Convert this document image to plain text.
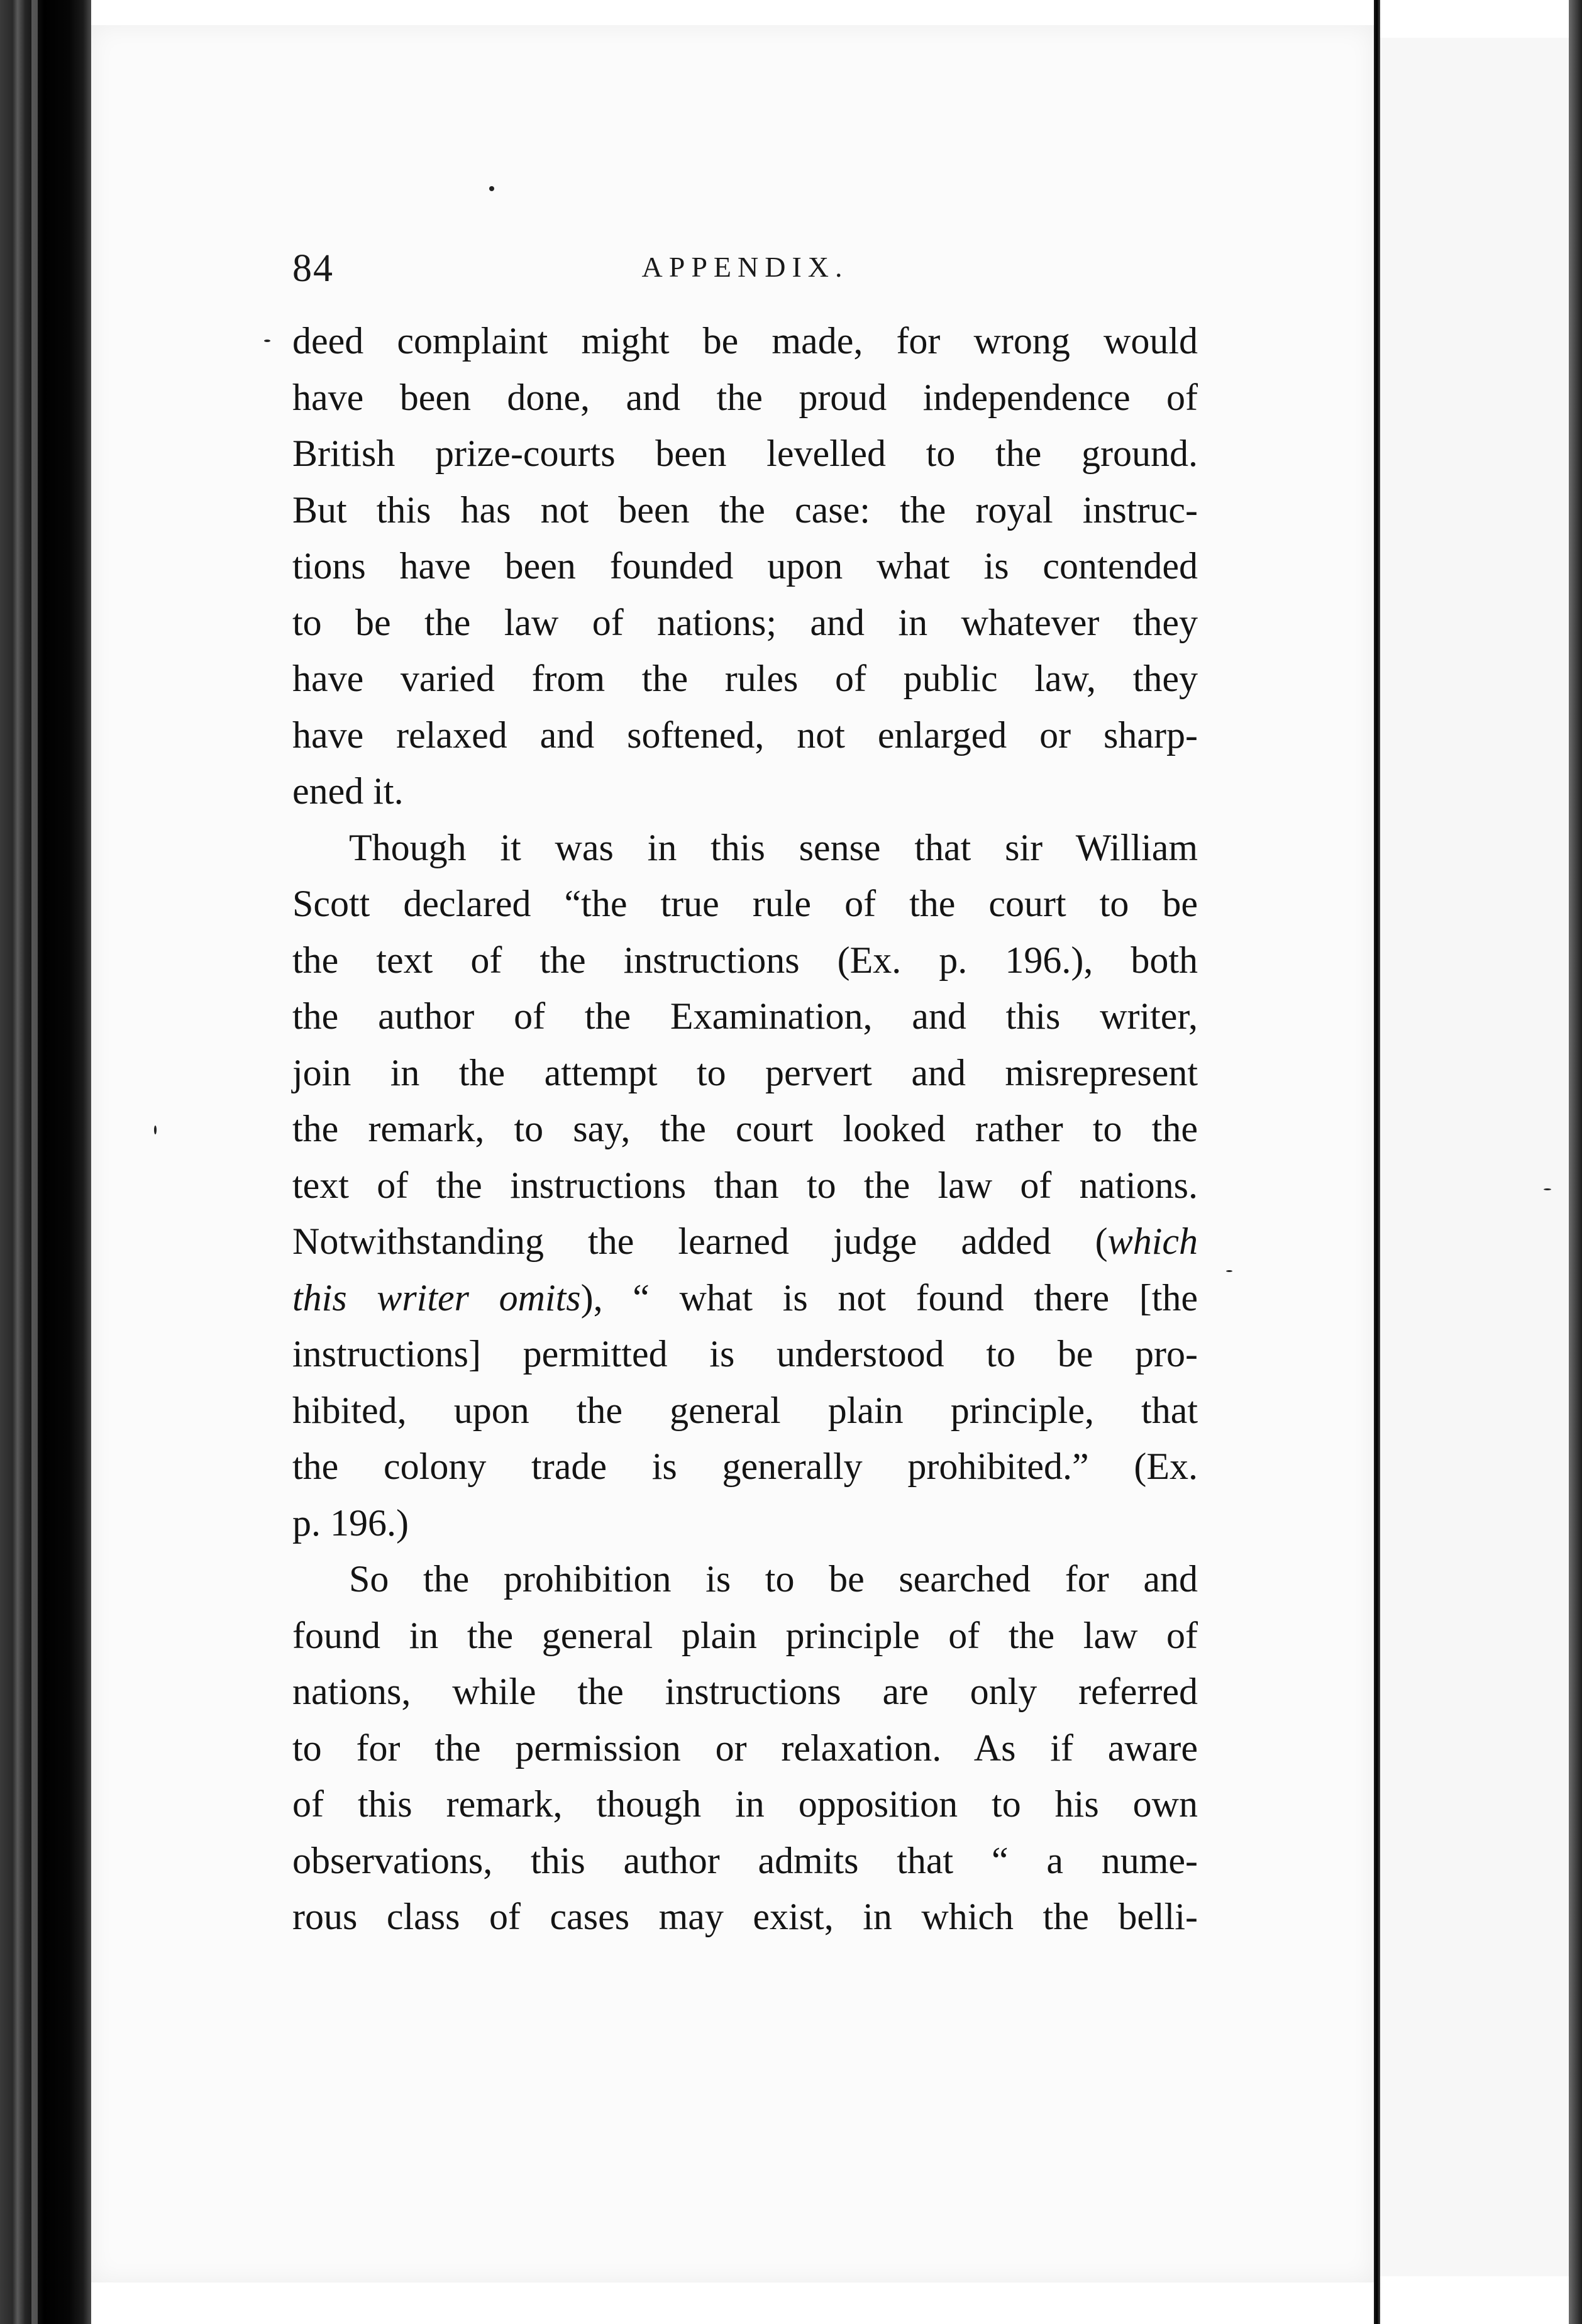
84	APPENDIX.
deed complaint might be made, for wrong would
have been done, and the proud independence of
British prize-courts been levelled to the ground.
But this has not been the case: the royal instruc-
tions have been founded upon what is contended
to be the law of nations; and in whatever they
have varied from the rules of public law, they
have relaxed and softened, not enlarged or sharp-
ened it.
Though it was in this sense that sir William
Scott declared “the true rule of the court to be
the text of the instructions (Ex. p. 196.), both
the author of the Examination, and this writer,
join in the attempt to pervert and misrepresent
the remark, to say, the court looked rather to the
text of the instructions than to the law of nations.
Notwithstanding the learned judge added (which
this writer omits), “ what is not found there [the
instructions] permitted is understood to be pro-
hibited, upon the general plain principle, that
the colony trade is generally prohibited.” (Ex.
p. 196.)
So the prohibition is to be searched for and
found in the general plain principle of the law of
nations, while the instructions are only referred
to for the permission or relaxation. As if aware
of this remark, though in opposition to his own
observations, this author admits that “ a nume-
rous class of cases may exist, in which the belli-
